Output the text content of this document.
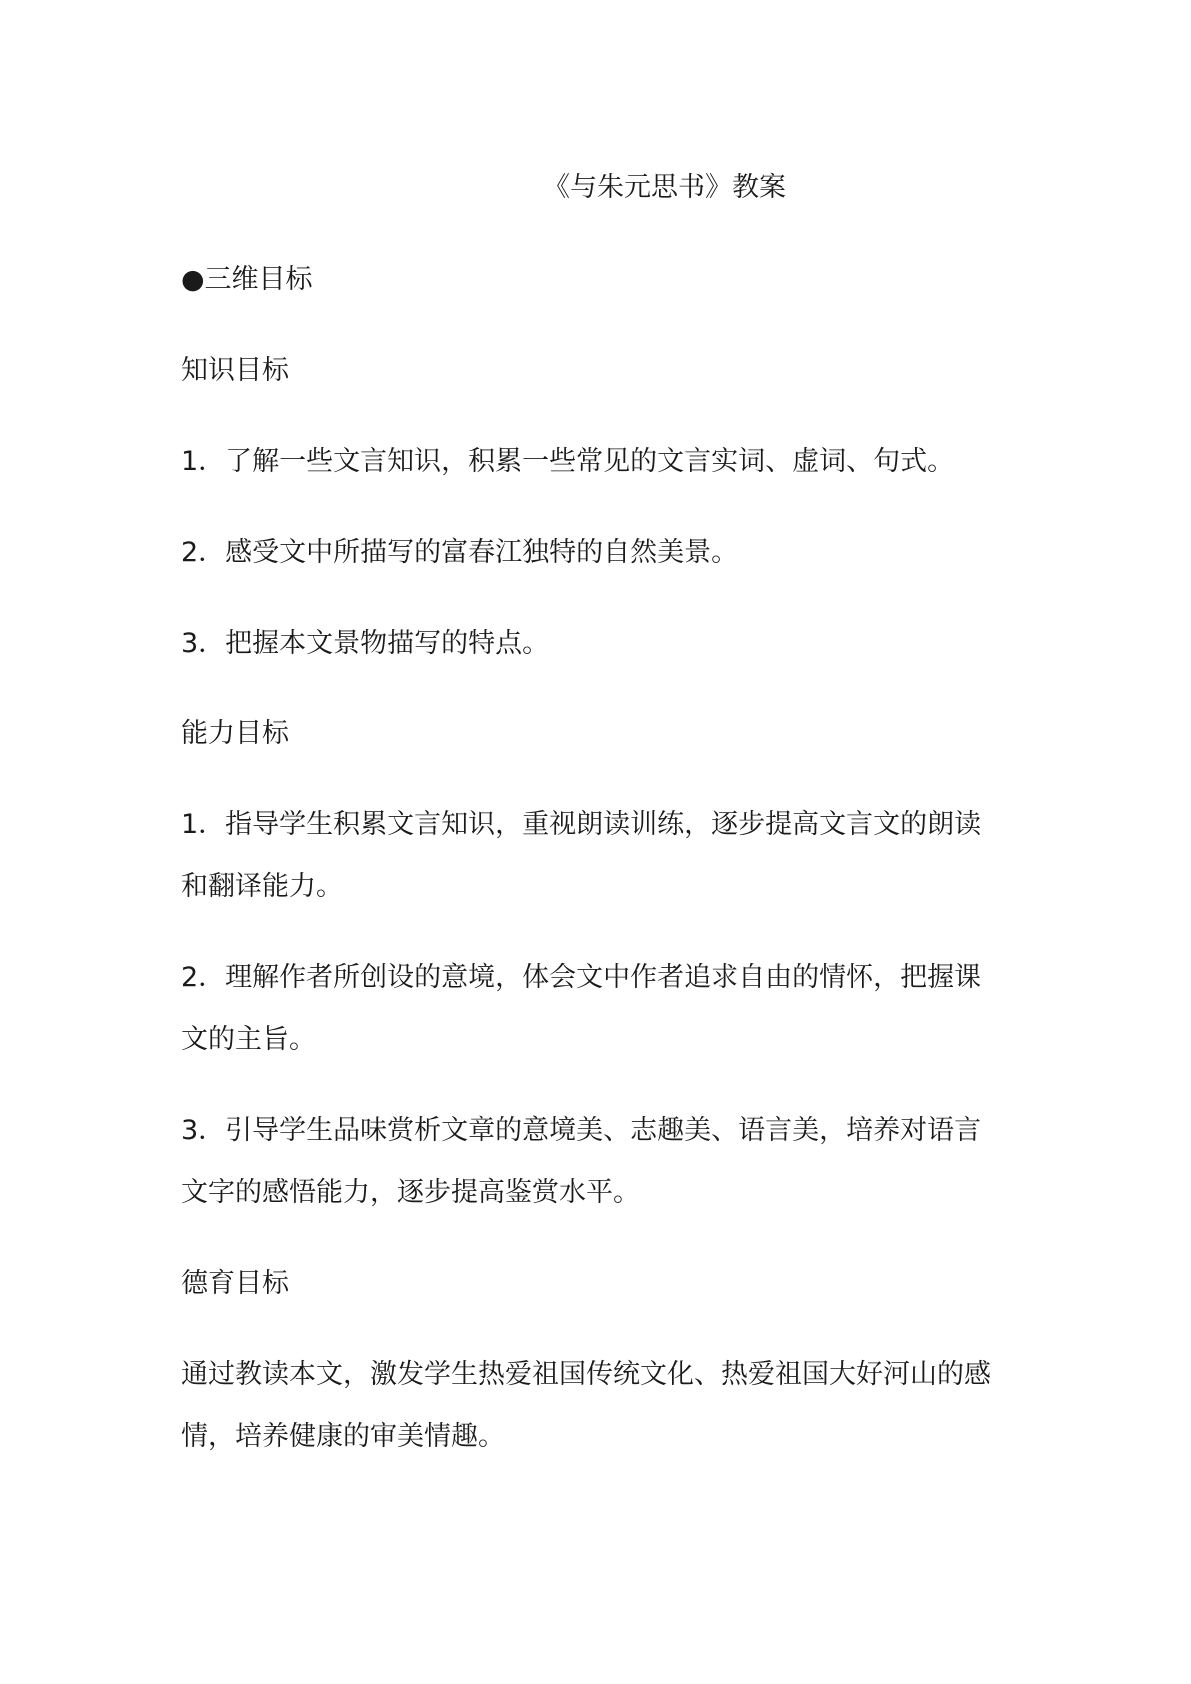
《与朱元思书》教案
●三维目标
知识目标
1．了解一些文言知识，积累一些常见的文言实词、虚词、句式。
2．感受文中所描写的富春江独特的自然美景。
3．把握本文景物描写的特点。
能力目标
1．指导学生积累文言知识，重视朗读训练，逐步提高文言文的朗读
和翻译能力。
2．理解作者所创设的意境，体会文中作者追求自由的情怀，把握课
文的主旨。
3．引导学生品味赏析文章的意境美、志趣美、语言美，培养对语言
文字的感悟能力，逐步提高鉴赏水平。
德育目标
通过教读本文，激发学生热爱祖国传统文化、热爱祖国大好河山的感
情，培养健康的审美情趣。
